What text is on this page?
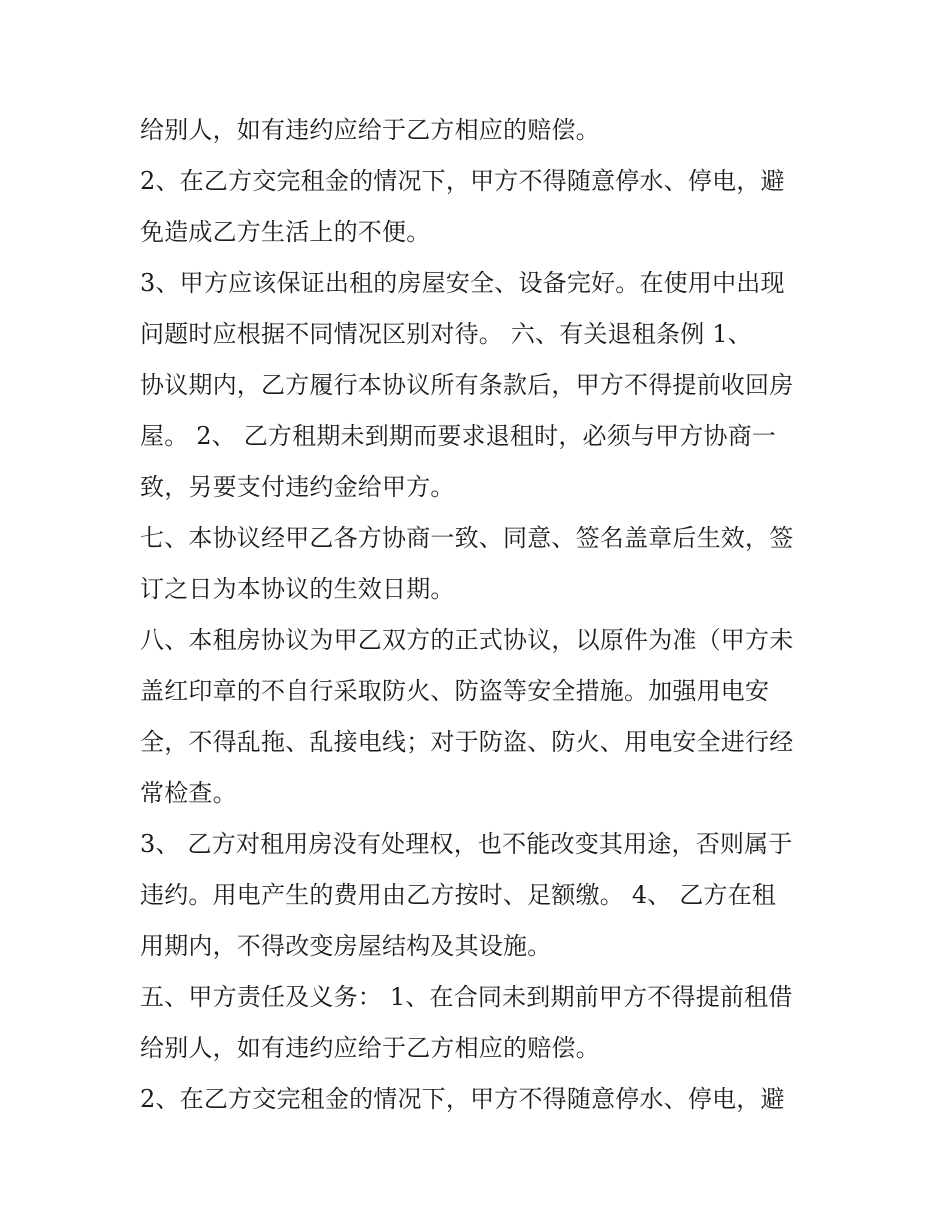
给别人，如有违约应给于乙方相应的赔偿。
2、在乙方交完租金的情况下，甲方不得随意停水、停电，避
免造成乙方生活上的不便。
3、甲方应该保证出租的房屋安全、设备完好。在使用中出现
问题时应根据不同情况区别对待。 六、有关退租条例 1、
协议期内，乙方履行本协议所有条款后，甲方不得提前收回房
屋。 2、 乙方租期未到期而要求退租时，必须与甲方协商一
致，另要支付违约金给甲方。
七、本协议经甲乙各方协商一致、同意、签名盖章后生效，签
订之日为本协议的生效日期。
八、本租房协议为甲乙双方的正式协议，以原件为准（甲方未
盖红印章的不自行采取防火、防盗等安全措施。加强用电安
全，不得乱拖、乱接电线；对于防盗、防火、用电安全进行经
常检查。
3、 乙方对租用房没有处理权，也不能改变其用途，否则属于
违约。用电产生的费用由乙方按时、足额缴。 4、 乙方在租
用期内，不得改变房屋结构及其设施。
五、甲方责任及义务： 1、在合同未到期前甲方不得提前租借
给别人，如有违约应给于乙方相应的赔偿。
2、在乙方交完租金的情况下，甲方不得随意停水、停电，避
